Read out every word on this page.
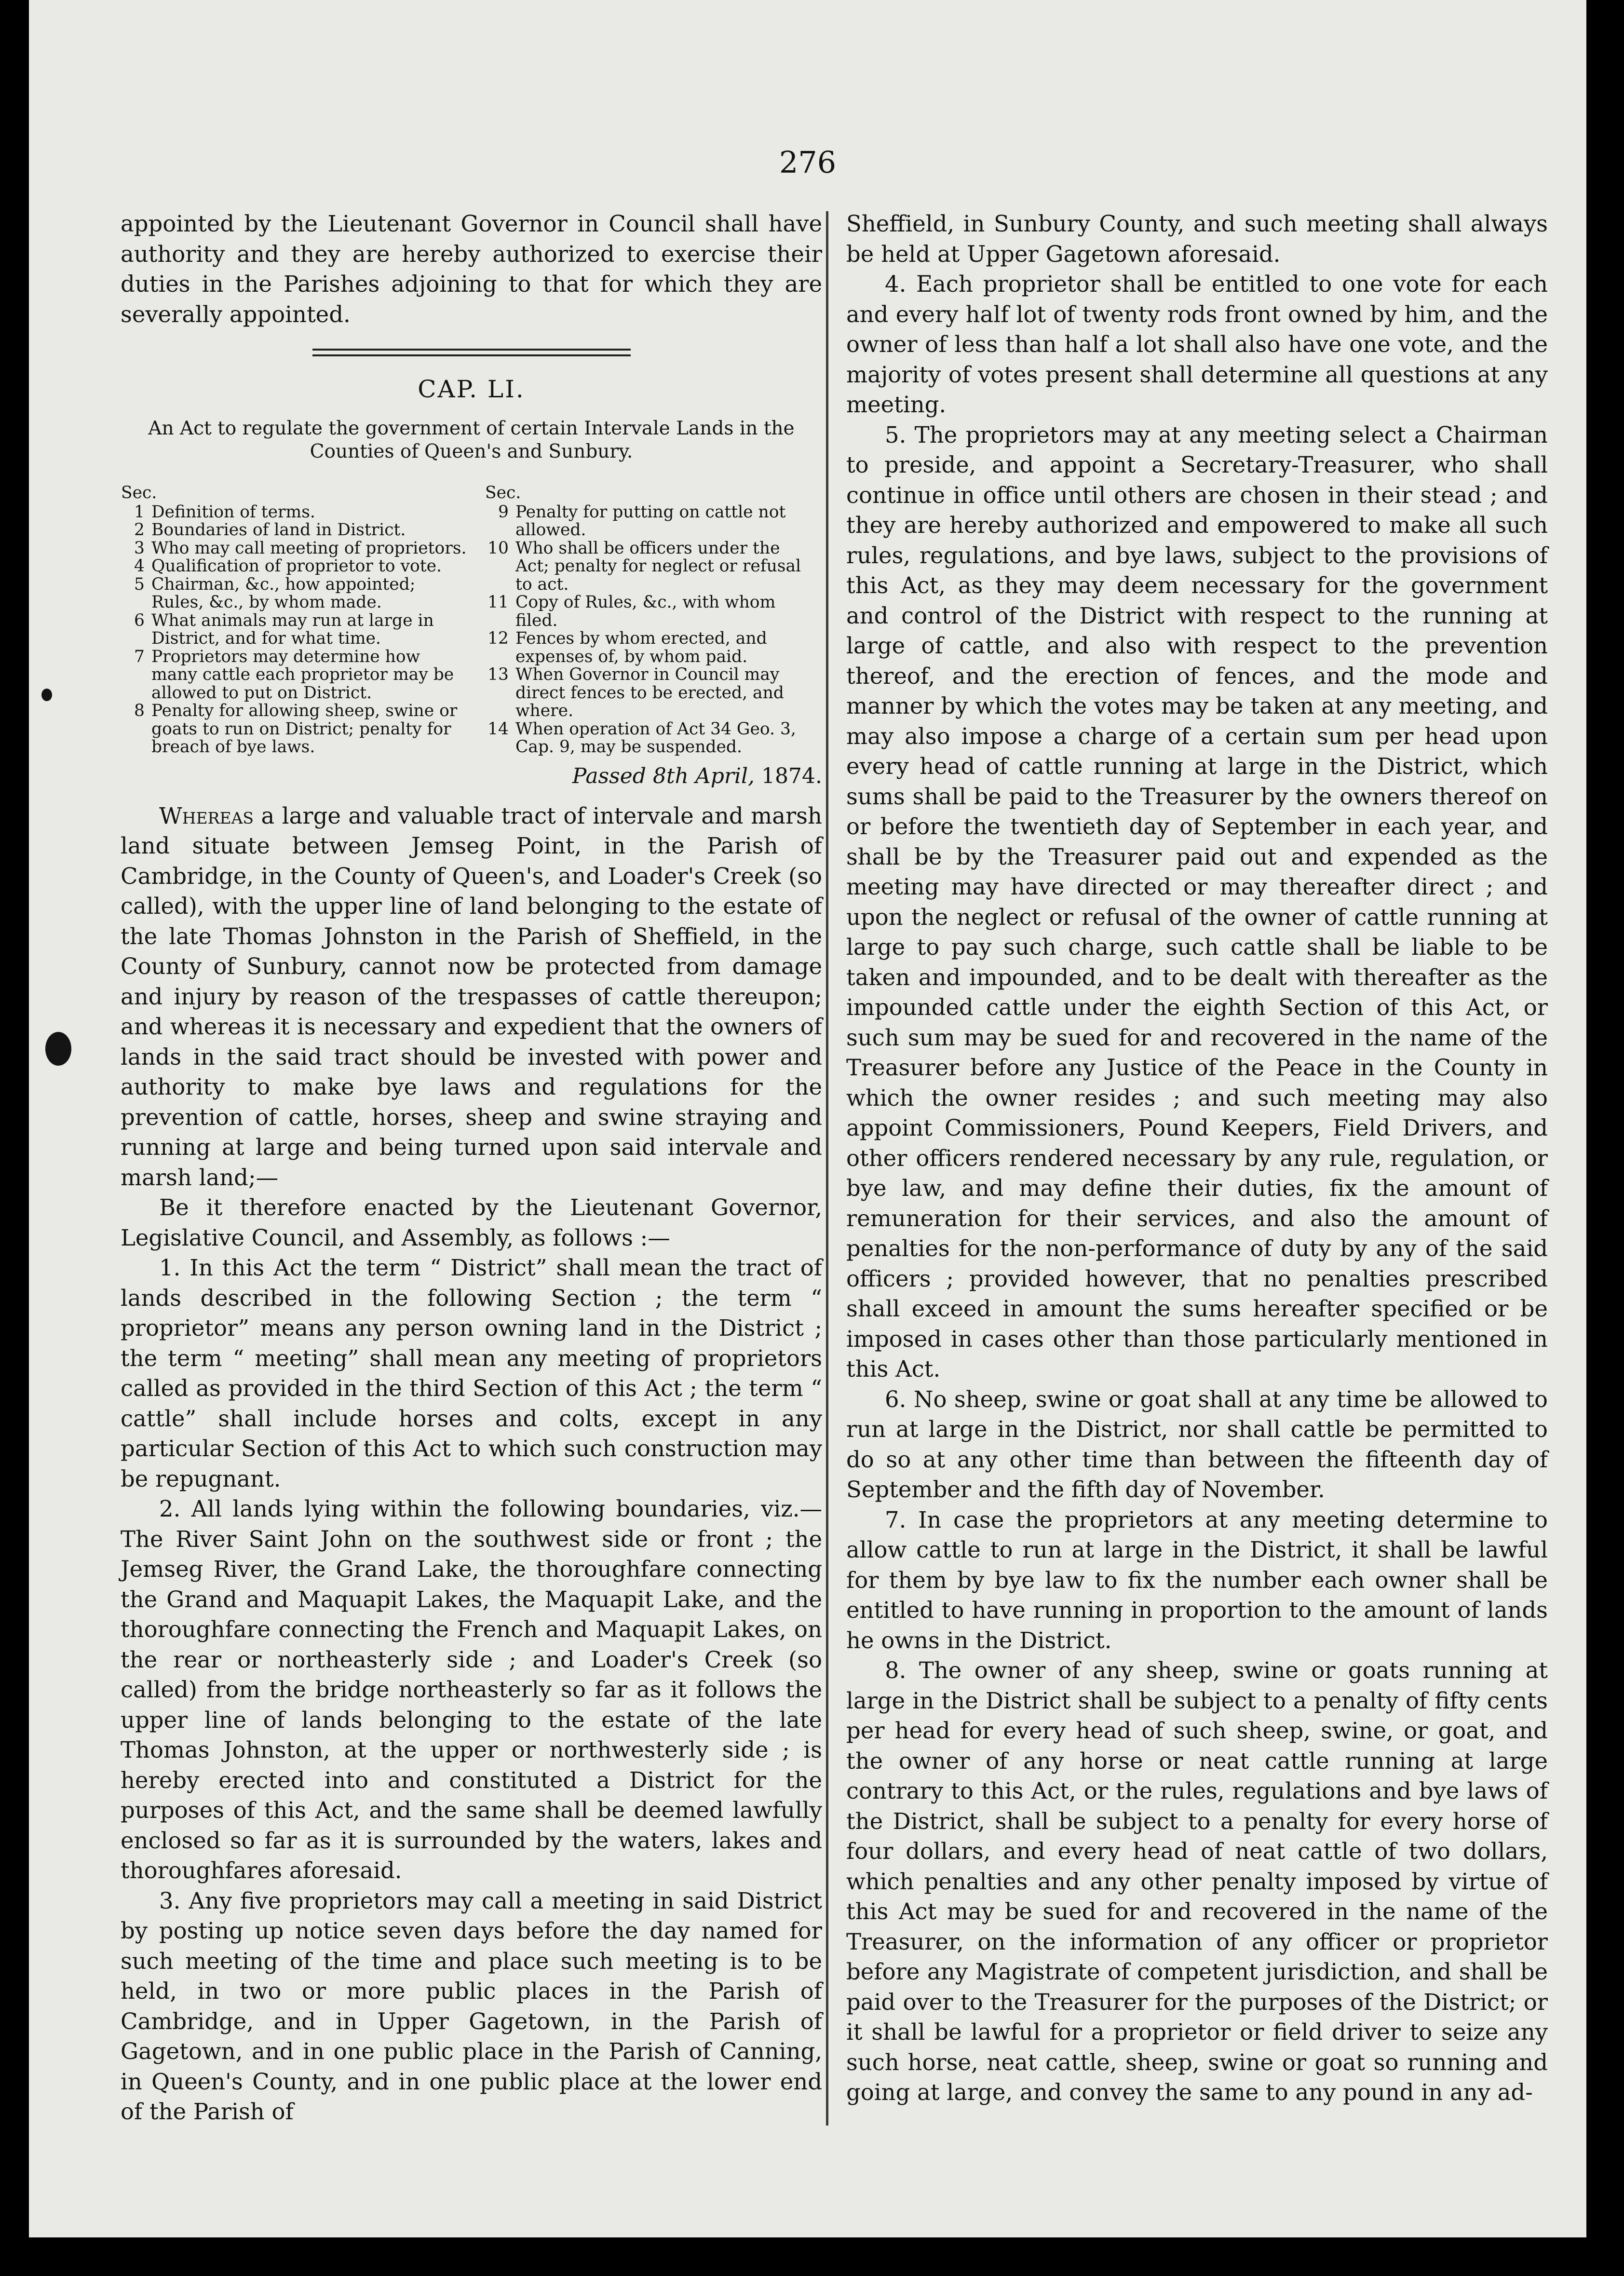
276

appointed by the Lieutenant Governor in Council shall have authority and they are hereby authorized to exercise their duties in the Parishes adjoining to that for which they are severally appointed.

CAP. LI.
An Act to regulate the government of certain Intervale Lands in the
Counties of Queen's and Sunbury.
Sec.	
1	Definition of terms.
2	Boundaries of land in District.
3	Who may call meeting of proprietors.
4	Qualification of proprietor to vote.
5	Chairman, &c., how appointed; Rules, &c., by whom made.
6	What animals may run at large in District, and for what time.
7	Proprietors may determine how many cattle each proprietor may be allowed to put on District.
8	Penalty for allowing sheep, swine or goats to run on District; penalty for breach of bye laws.
Sec.	
9	Penalty for putting on cattle not allowed.
10	Who shall be officers under the Act; penalty for neglect or refusal to act.
11	Copy of Rules, &c., with whom filed.
12	Fences by whom erected, and expenses of, by whom paid.
13	When Governor in Council may direct fences to be erected, and where.
14	When operation of Act 34 Geo. 3, Cap. 9, may be suspended.
Passed 8th April, 1874.

Whereas a large and valuable tract of intervale and marsh land situate between Jemseg Point, in the Parish of Cambridge, in the County of Queen's, and Loader's Creek (so called), with the upper line of land belonging to the estate of the late Thomas Johnston in the Parish of Sheffield, in the County of Sunbury, cannot now be protected from damage and injury by reason of the trespasses of cattle thereupon; and whereas it is necessary and expedient that the owners of lands in the said tract should be invested with power and authority to make bye laws and regulations for the prevention of cattle, horses, sheep and swine straying and running at large and being turned upon said intervale and marsh land;—

Be it therefore enacted by the Lieutenant Governor, Legislative Council, and Assembly, as follows :—

1. In this Act the term “ District” shall mean the tract of lands described in the following Section ; the term “ proprietor” means any person owning land in the District ; the term “ meeting” shall mean any meeting of proprietors called as provided in the third Section of this Act ; the term “ cattle” shall include horses and colts, except in any particular Section of this Act to which such construction may be repugnant.

2. All lands lying within the following boundaries, viz.— The River Saint John on the southwest side or front ; the Jemseg River, the Grand Lake, the thoroughfare connecting the Grand and Maquapit Lakes, the Maquapit Lake, and the thoroughfare connecting the French and Maquapit Lakes, on the rear or northeasterly side ; and Loader's Creek (so called) from the bridge northeasterly so far as it follows the upper line of lands belonging to the estate of the late Thomas Johnston, at the upper or northwesterly side ; is hereby erected into and constituted a District for the purposes of this Act, and the same shall be deemed lawfully enclosed so far as it is surrounded by the waters, lakes and thoroughfares aforesaid.

3. Any five proprietors may call a meeting in said District by posting up notice seven days before the day named for such meeting of the time and place such meeting is to be held, in two or more public places in the Parish of Cambridge, and in Upper Gagetown, in the Parish of Gagetown, and in one public place in the Parish of Canning, in Queen's County, and in one public place at the lower end of the Parish of

Sheffield, in Sunbury County, and such meeting shall always be held at Upper Gagetown aforesaid.

4. Each proprietor shall be entitled to one vote for each and every half lot of twenty rods front owned by him, and the owner of less than half a lot shall also have one vote, and the majority of votes present shall determine all questions at any meeting.

5. The proprietors may at any meeting select a Chairman to preside, and appoint a Secretary-Treasurer, who shall continue in office until others are chosen in their stead ; and they are hereby authorized and empowered to make all such rules, regulations, and bye laws, subject to the provisions of this Act, as they may deem necessary for the government and control of the District with respect to the running at large of cattle, and also with respect to the prevention thereof, and the erection of fences, and the mode and manner by which the votes may be taken at any meeting, and may also impose a charge of a certain sum per head upon every head of cattle running at large in the District, which sums shall be paid to the Treasurer by the owners thereof on or before the twentieth day of September in each year, and shall be by the Treasurer paid out and expended as the meeting may have directed or may thereafter direct ; and upon the neglect or refusal of the owner of cattle running at large to pay such charge, such cattle shall be liable to be taken and impounded, and to be dealt with thereafter as the impounded cattle under the eighth Section of this Act, or such sum may be sued for and recovered in the name of the Treasurer before any Justice of the Peace in the County in which the owner resides ; and such meeting may also appoint Commissioners, Pound Keepers, Field Drivers, and other officers rendered necessary by any rule, regulation, or bye law, and may define their duties, fix the amount of remuneration for their services, and also the amount of penalties for the non-performance of duty by any of the said officers ; provided however, that no penalties prescribed shall exceed in amount the sums hereafter specified or be imposed in cases other than those particularly mentioned in this Act.

6. No sheep, swine or goat shall at any time be allowed to run at large in the District, nor shall cattle be permitted to do so at any other time than between the fifteenth day of September and the fifth day of November.

7. In case the proprietors at any meeting determine to allow cattle to run at large in the District, it shall be lawful for them by bye law to fix the number each owner shall be entitled to have running in proportion to the amount of lands he owns in the District.

8. The owner of any sheep, swine or goats running at large in the District shall be subject to a penalty of fifty cents per head for every head of such sheep, swine, or goat, and the owner of any horse or neat cattle running at large contrary to this Act, or the rules, regulations and bye laws of the District, shall be subject to a penalty for every horse of four dollars, and every head of neat cattle of two dollars, which penalties and any other penalty imposed by virtue of this Act may be sued for and recovered in the name of the Treasurer, on the information of any officer or proprietor before any Magistrate of competent jurisdiction, and shall be paid over to the Treasurer for the purposes of the District; or it shall be lawful for a proprietor or field driver to seize any such horse, neat cattle, sheep, swine or goat so running and going at large, and convey the same to any pound in any ad-
